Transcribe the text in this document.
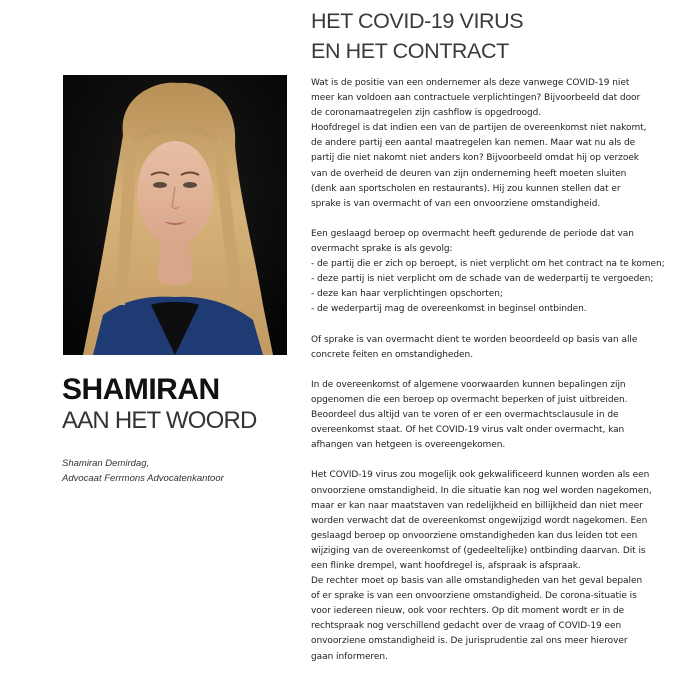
HET COVID-19 VIRUS
EN HET CONTRACT
SHAMIRAN
AAN HET WOORD
Shamiran Demirdag,
Advocaat Ferrmons Advocatenkantoor
Wat is de positie van een ondernemer als deze vanwege COVID-19 niet
meer kan voldoen aan contractuele verplichtingen? Bijvoorbeeld dat door
de coronamaatregelen zijn cashflow is opgedroogd.
Hoofdregel is dat indien een van de partijen de overeenkomst niet nakomt,
de andere partij een aantal maatregelen kan nemen. Maar wat nu als de
partij die niet nakomt niet anders kon? Bijvoorbeeld omdat hij op verzoek
van de overheid de deuren van zijn onderneming heeft moeten sluiten
(denk aan sportscholen en restaurants). Hij zou kunnen stellen dat er
sprake is van overmacht of van een onvoorziene omstandigheid.
Een geslaagd beroep op overmacht heeft gedurende de periode dat van
overmacht sprake is als gevolg:
- de partij die er zich op beroept, is niet verplicht om het contract na te komen;
- deze partij is niet verplicht om de schade van de wederpartij te vergoeden;
- deze kan haar verplichtingen opschorten;
- de wederpartij mag de overeenkomst in beginsel ontbinden.
Of sprake is van overmacht dient te worden beoordeeld op basis van alle
concrete feiten en omstandigheden.
In de overeenkomst of algemene voorwaarden kunnen bepalingen zijn
opgenomen die een beroep op overmacht beperken of juist uitbreiden.
Beoordeel dus altijd van te voren of er een overmachtsclausule in de
overeenkomst staat. Of het COVID-19 virus valt onder overmacht, kan
afhangen van hetgeen is overeengekomen.
Het COVID-19 virus zou mogelijk ook gekwalificeerd kunnen worden als een
onvoorziene omstandigheid. In die situatie kan nog wel worden nagekomen,
maar er kan naar maatstaven van redelijkheid en billijkheid dan niet meer
worden verwacht dat de overeenkomst ongewijzigd wordt nagekomen. Een
geslaagd beroep op onvoorziene omstandigheden kan dus leiden tot een
wijziging van de overeenkomst of (gedeeltelijke) ontbinding daarvan. Dit is
een flinke drempel, want hoofdregel is, afspraak is afspraak.
De rechter moet op basis van alle omstandigheden van het geval bepalen
of er sprake is van een onvoorziene omstandigheid. De corona-situatie is
voor iedereen nieuw, ook voor rechters. Op dit moment wordt er in de
rechtspraak nog verschillend gedacht over de vraag of COVID-19 een
onvoorziene omstandigheid is. De jurisprudentie zal ons meer hierover
gaan informeren.
